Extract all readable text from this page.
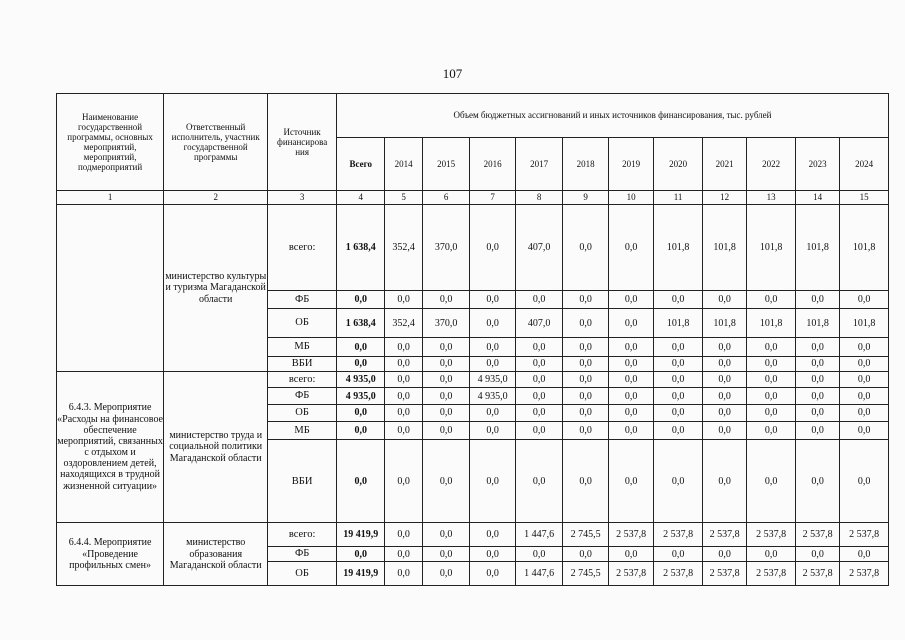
107
Наименование государственной программы, основных мероприятий, мероприятий, подмероприятий	Ответственный исполнитель, участник государственной программы	Источник финансирова ния	Объем бюджетных ассигнований и иных источников финансирования, тыс. рублей											
			Всего	2014	2015	2016	2017	2018	2019	2020	2021	2022	2023	2024
1	2	3	4	5	6	7	8	9	10	11	12	13	14	15
	министерство культуры и туризма Магаданской области	всего:	1 638,4	352,4	370,0	0,0	407,0	0,0	0,0	101,8	101,8	101,8	101,8	101,8
		ФБ	0,0	0,0	0,0	0,0	0,0	0,0	0,0	0,0	0,0	0,0	0,0	0,0
		ОБ	1 638,4	352,4	370,0	0,0	407,0	0,0	0,0	101,8	101,8	101,8	101,8	101,8
		МБ	0,0	0,0	0,0	0,0	0,0	0,0	0,0	0,0	0,0	0,0	0,0	0,0
		ВБИ	0,0	0,0	0,0	0,0	0,0	0,0	0,0	0,0	0,0	0,0	0,0	0,0
6.4.3. Мероприятие «Расходы на финансовое обеспечение мероприятий, связанных с отдыхом и оздоровлением детей, находящихся в трудной жизненной ситуации»	министерство труда и социальной политики Магаданской области	всего:	4 935,0	0,0	0,0	4 935,0	0,0	0,0	0,0	0,0	0,0	0,0	0,0	0,0
		ФБ	4 935,0	0,0	0,0	4 935,0	0,0	0,0	0,0	0,0	0,0	0,0	0,0	0,0
		ОБ	0,0	0,0	0,0	0,0	0,0	0,0	0,0	0,0	0,0	0,0	0,0	0,0
		МБ	0,0	0,0	0,0	0,0	0,0	0,0	0,0	0,0	0,0	0,0	0,0	0,0
		ВБИ	0,0	0,0	0,0	0,0	0,0	0,0	0,0	0,0	0,0	0,0	0,0	0,0
6.4.4. Мероприятие «Проведение профильных смен»	министерство образования Магаданской области	всего:	19 419,9	0,0	0,0	0,0	1 447,6	2 745,5	2 537,8	2 537,8	2 537,8	2 537,8	2 537,8	2 537,8
		ФБ	0,0	0,0	0,0	0,0	0,0	0,0	0,0	0,0	0,0	0,0	0,0	0,0
		ОБ	19 419,9	0,0	0,0	0,0	1 447,6	2 745,5	2 537,8	2 537,8	2 537,8	2 537,8	2 537,8	2 537,8
